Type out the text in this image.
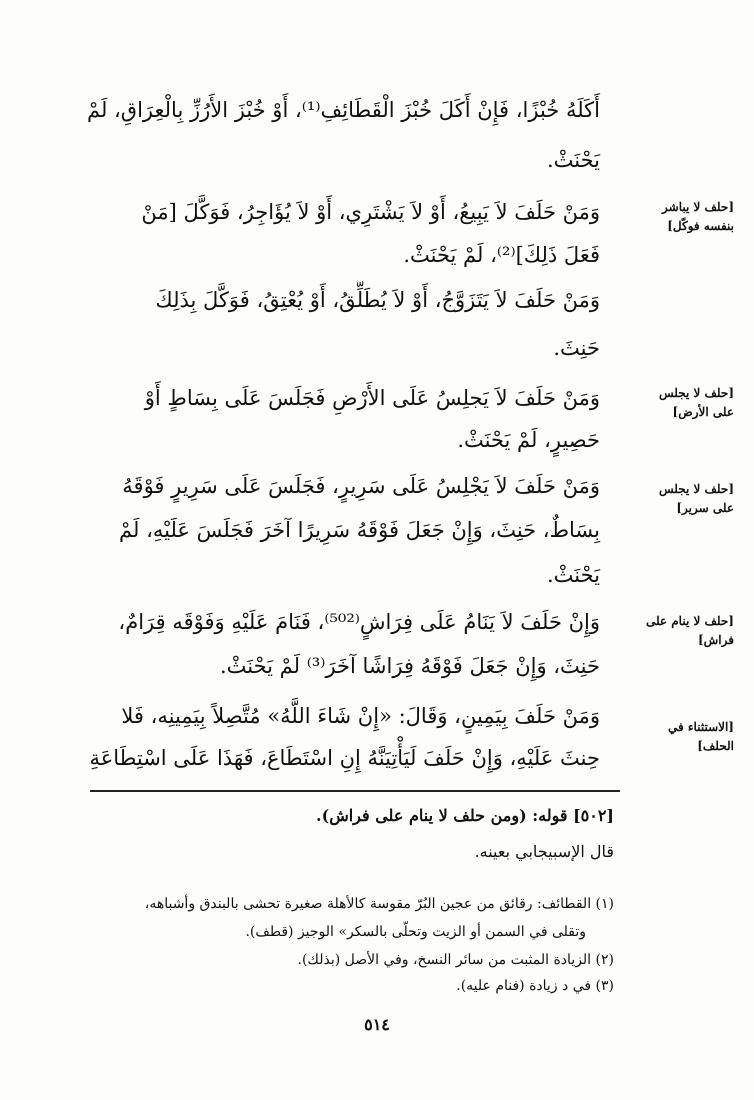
أَكَلَهُ خُبْزًا، فَإِنْ أَكَلَ خُبْزَ الْقَطَائِفِ⁽¹⁾، أَوْ خُبْزَ الأَرُزِّ بِالْعِرَاقِ، لَمْ
يَحْنَثْ.
وَمَنْ حَلَفَ لاَ يَبِيعُ، أَوْ لاَ يَشْتَرِي، أَوْ لاَ يُؤَاجِرُ، فَوَكَّلَ [مَنْ
فَعَلَ ذَلِكَ]⁽²⁾، لَمْ يَحْنَثْ.
وَمَنْ حَلَفَ لاَ يَتَزَوَّجُ، أَوْ لاَ يُطَلِّقُ، أَوْ يُعْتِقُ، فَوَكَّلَ بِذَلِكَ
حَنِثَ.
وَمَنْ حَلَفَ لاَ يَجلِسُ عَلَى الأَرْضِ فَجَلَسَ عَلَى بِسَاطٍ أَوْ
حَصِيرٍ، لَمْ يَحْنَثْ.
وَمَنْ حَلَفَ لاَ يَجْلِسُ عَلَى سَرِيرٍ، فَجَلَسَ عَلَى سَرِيرٍ فَوْقَهُ
بِسَاطٌ، حَنِثَ، وَإِنْ جَعَلَ فَوْقَهُ سَرِيرًا آخَرَ فَجَلَسَ عَلَيْهِ، لَمْ
يَحْنَثْ.
وَإِنْ حَلَفَ لاَ يَنَامُ عَلَى فِرَاشٍ⁽⁵⁰²⁾، فَنَامَ عَلَيْهِ وَفَوْقَه قِرَامٌ،
حَنِثَ، وَإِنْ جَعَلَ فَوْقَهُ فِرَاشًا آخَرَ⁽³⁾ لَمْ يَحْنَثْ.
وَمَنْ حَلَفَ بِيَمِينٍ، وَقَالَ: «إِنْ شَاءَ اللَّهُ» مُتَّصِلاً بِيَمِينِه، فَلا
حِنثَ عَلَيْهِ، وَإِنْ حَلَفَ لَيَأْتِيَنَّهُ إِنِ اسْتَطَاعَ، فَهَذَا عَلَى اسْتِطَاعَةِ
[حلف لا يباشر بنفسه فوكّل]
[حلف لا يجلس على الأرض]
[حلف لا يجلس على سرير]
[حلف لا ينام على فراش]
[الاستثناء في الحلف]
[٥٠٢] قوله: (ومن حلف لا ينام على فراش).
قال الإسبيجابي بعينه.
(١) القطائف: رقائق من عجين البُرّ مقوسة كالأهلة صغيرة تحشى بالبندق وأشباهه،
وتقلى في السمن أو الزيت وتحلّى بالسكر» الوجيز (قطف).
(٢) الزيادة المثبت من سائر النسخ، وفي الأصل (بذلك).
(٣) في د زيادة (فنام عليه).
٥١٤
